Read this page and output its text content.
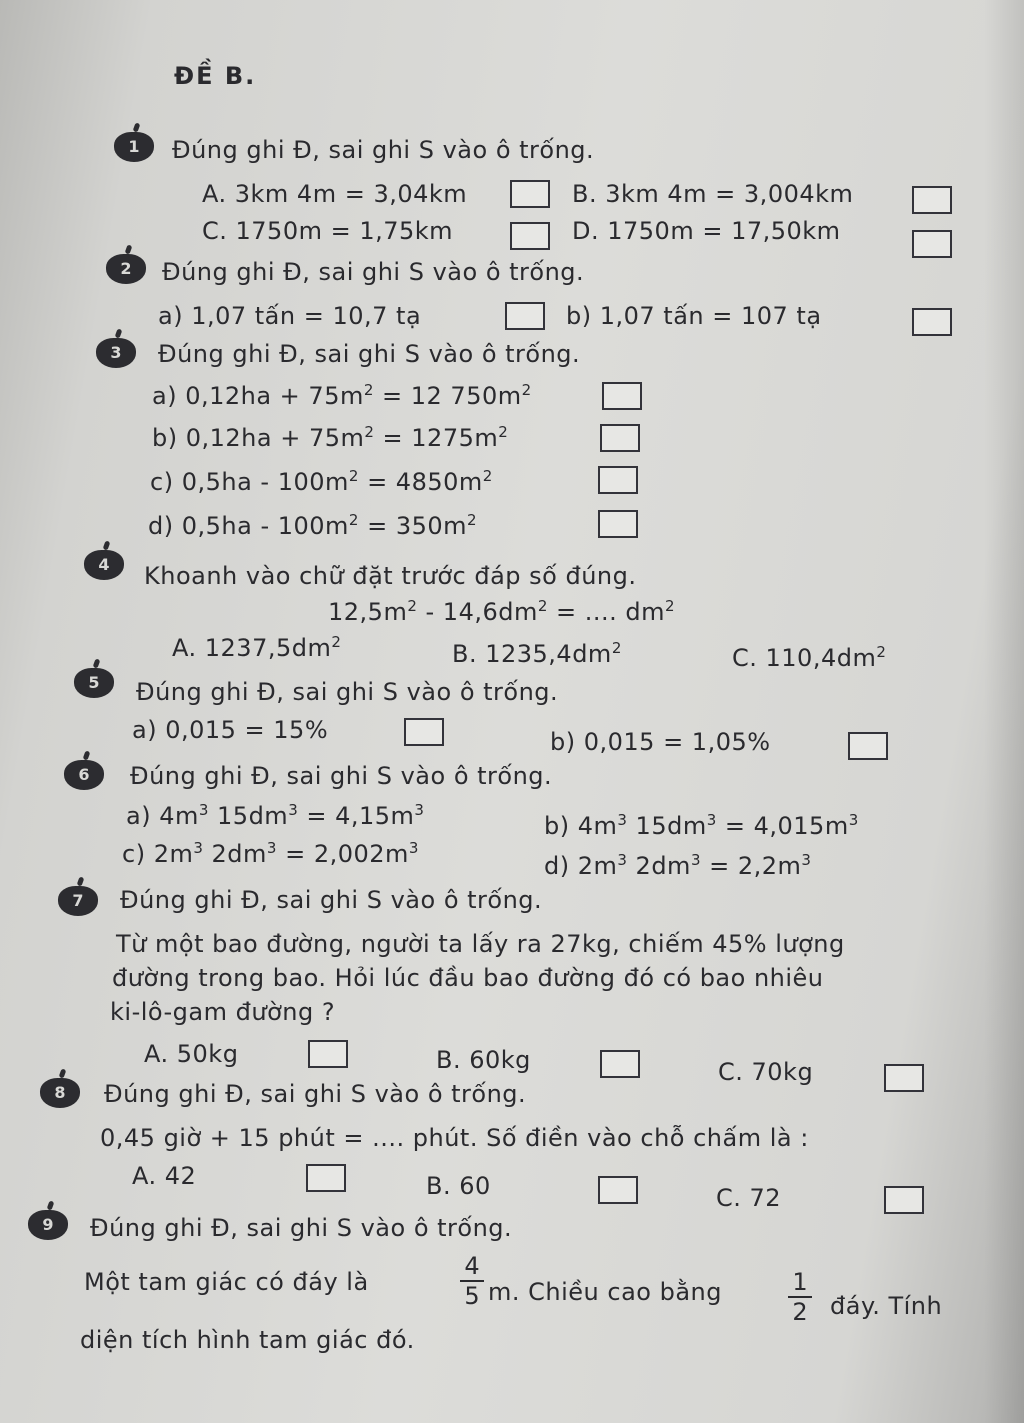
ĐỀ B.
1	Đúng ghi Đ, sai ghi S vào ô trống.
A. 3km 4m = 3,04km	B. 3km 4m = 3,004km
C. 1750m = 1,75km	D. 1750m = 17,50km
2	Đúng ghi Đ, sai ghi S vào ô trống.
a) 1,07 tấn = 10,7 tạ	b) 1,07 tấn = 107 tạ
3	Đúng ghi Đ, sai ghi S vào ô trống.
a) $0,12ha + 75m^2 = 12$ $750m^2$
b) $0,12ha + 75m^2 = 1275m^2$
c) $0,5ha - 100m^2 = 4850m^2$
d) $0,5ha - 100m^2 = 350m^2$
4	Khoanh vào chữ đặt trước đáp số đúng.
$12,5m^2 - 14,6dm^2$ = .... $dm^2$
A. $1237,5dm^2$	B. $1235,4dm^2$	C. $110,4dm^2$
5	Đúng ghi Đ, sai ghi S vào ô trống.
a) 0,015 = 15%	b) 0,015 = 1,05%
6	Đúng ghi Đ, sai ghi S vào ô trống.
a) $4m^3$ $15dm^3 = 4,15m^3$
b) $4m^3$ $15dm^3 = 4,015m^3$
c) $2m^3$ $2dm^3 = 2,002m^3$
d) $2m^3$ $2dm^3 = 2,2m^3$
7	Đúng ghi Đ, sai ghi S vào ô trống.
Từ một bao đường, người ta lấy ra 27kg, chiếm 45% lượng
đường trong bao. Hỏi lúc đầu bao đường đó có bao nhiêu
ki-lô-gam đường ?
A. 50kg	B. 60kg	C. 70kg
8	Đúng ghi Đ, sai ghi S vào ô trống.
0,45 giờ + 15 phút = .... phút. Số điền vào chỗ chấm là :
A. 42	B. 60	C. 72
9	Đúng ghi Đ, sai ghi S vào ô trống.
Một tam giác có đáy là
4
5 m. Chiều cao bằng	1
2 đáy. Tính
diện tích hình tam giác đó.
